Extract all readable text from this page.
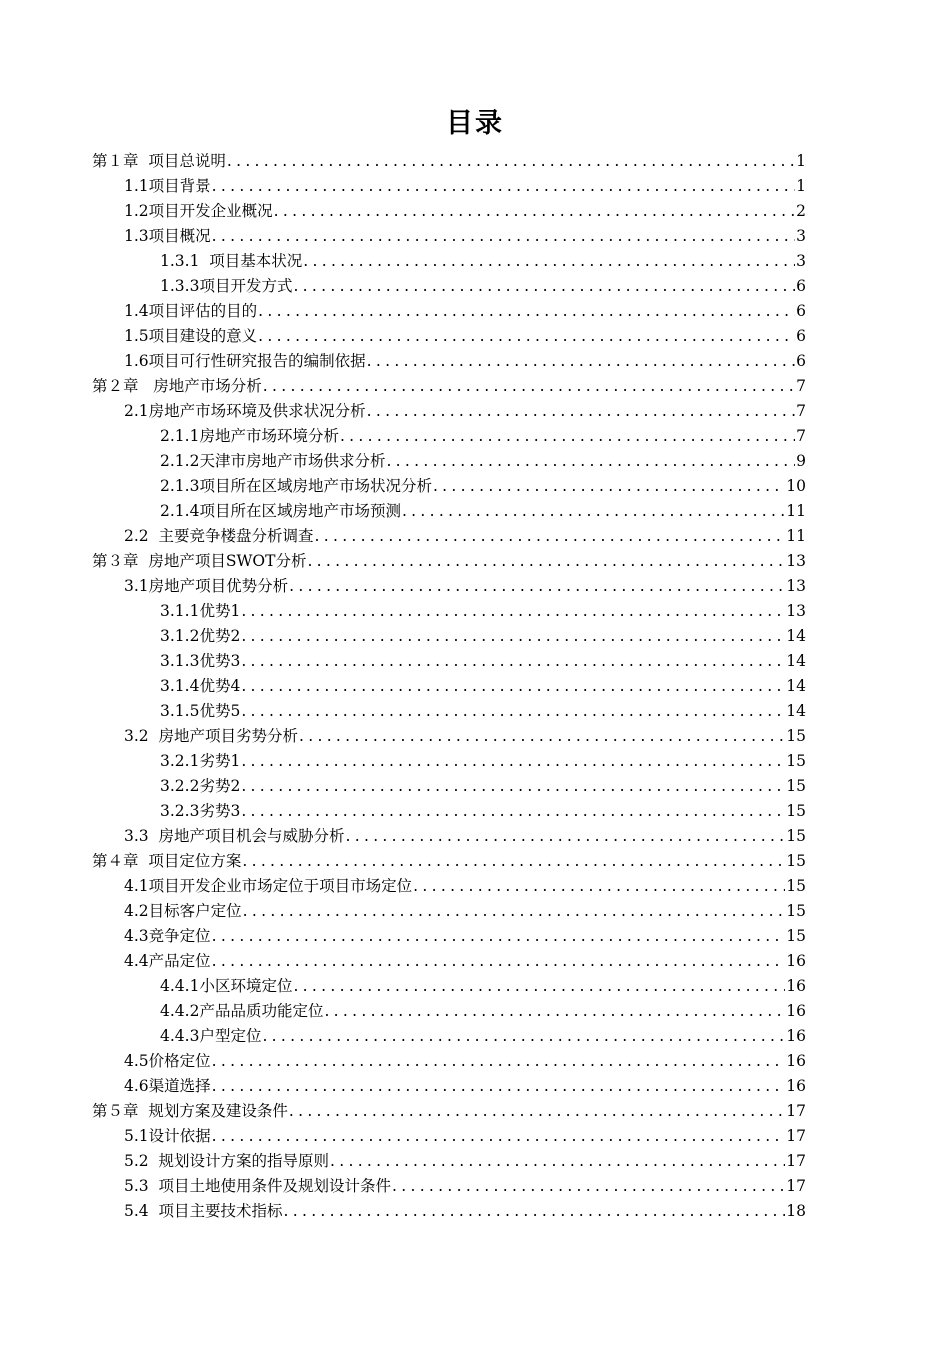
目录
第１章  项目总说明 .....	1
1.1项目背景 .....	1
1.2项目开发企业概况 .....	2
1.3项目概况 .....	3
1.3.1  项目基本状况 .....	3
1.3.3项目开发方式 .....	6
1.4项目评估的目的 .....	6
1.5项目建设的意义 .....	6
1.6项目可行性研究报告的编制依据 .....	6
第２章   房地产市场分析 .....	7
2.1房地产市场环境及供求状况分析 .....	7
2.1.1房地产市场环境分析 .....	7
2.1.2天津市房地产市场供求分析 .....	9
2.1.3项目所在区域房地产市场状况分析 .....	10
2.1.4项目所在区域房地产市场预测 .....	11
2.2  主要竞争楼盘分析调查 .....	11
第３章  房地产项目SWOT分析 .....	13
3.1房地产项目优势分析 .....	13
3.1.1优势1 .....	13
3.1.2优势2 .....	14
3.1.3优势3 .....	14
3.1.4优势4 .....	14
3.1.5优势5 .....	14
3.2  房地产项目劣势分析 .....	15
3.2.1劣势1 .....	15
3.2.2劣势2 .....	15
3.2.3劣势3 .....	15
3.3  房地产项目机会与威胁分析 .....	15
第４章  项目定位方案 .....	15
4.1项目开发企业市场定位于项目市场定位 .....	15
4.2目标客户定位 .....	15
4.3竞争定位 .....	15
4.4产品定位 .....	16
4.4.1小区环境定位 .....	16
4.4.2产品品质功能定位 .....	16
4.4.3户型定位 .....	16
4.5价格定位 .....	16
4.6渠道选择 .....	16
第５章  规划方案及建设条件 .....	17
5.1设计依据 .....	17
5.2  规划设计方案的指导原则 .....	17
5.3  项目土地使用条件及规划设计条件 .....	17
5.4  项目主要技术指标 .....	18
